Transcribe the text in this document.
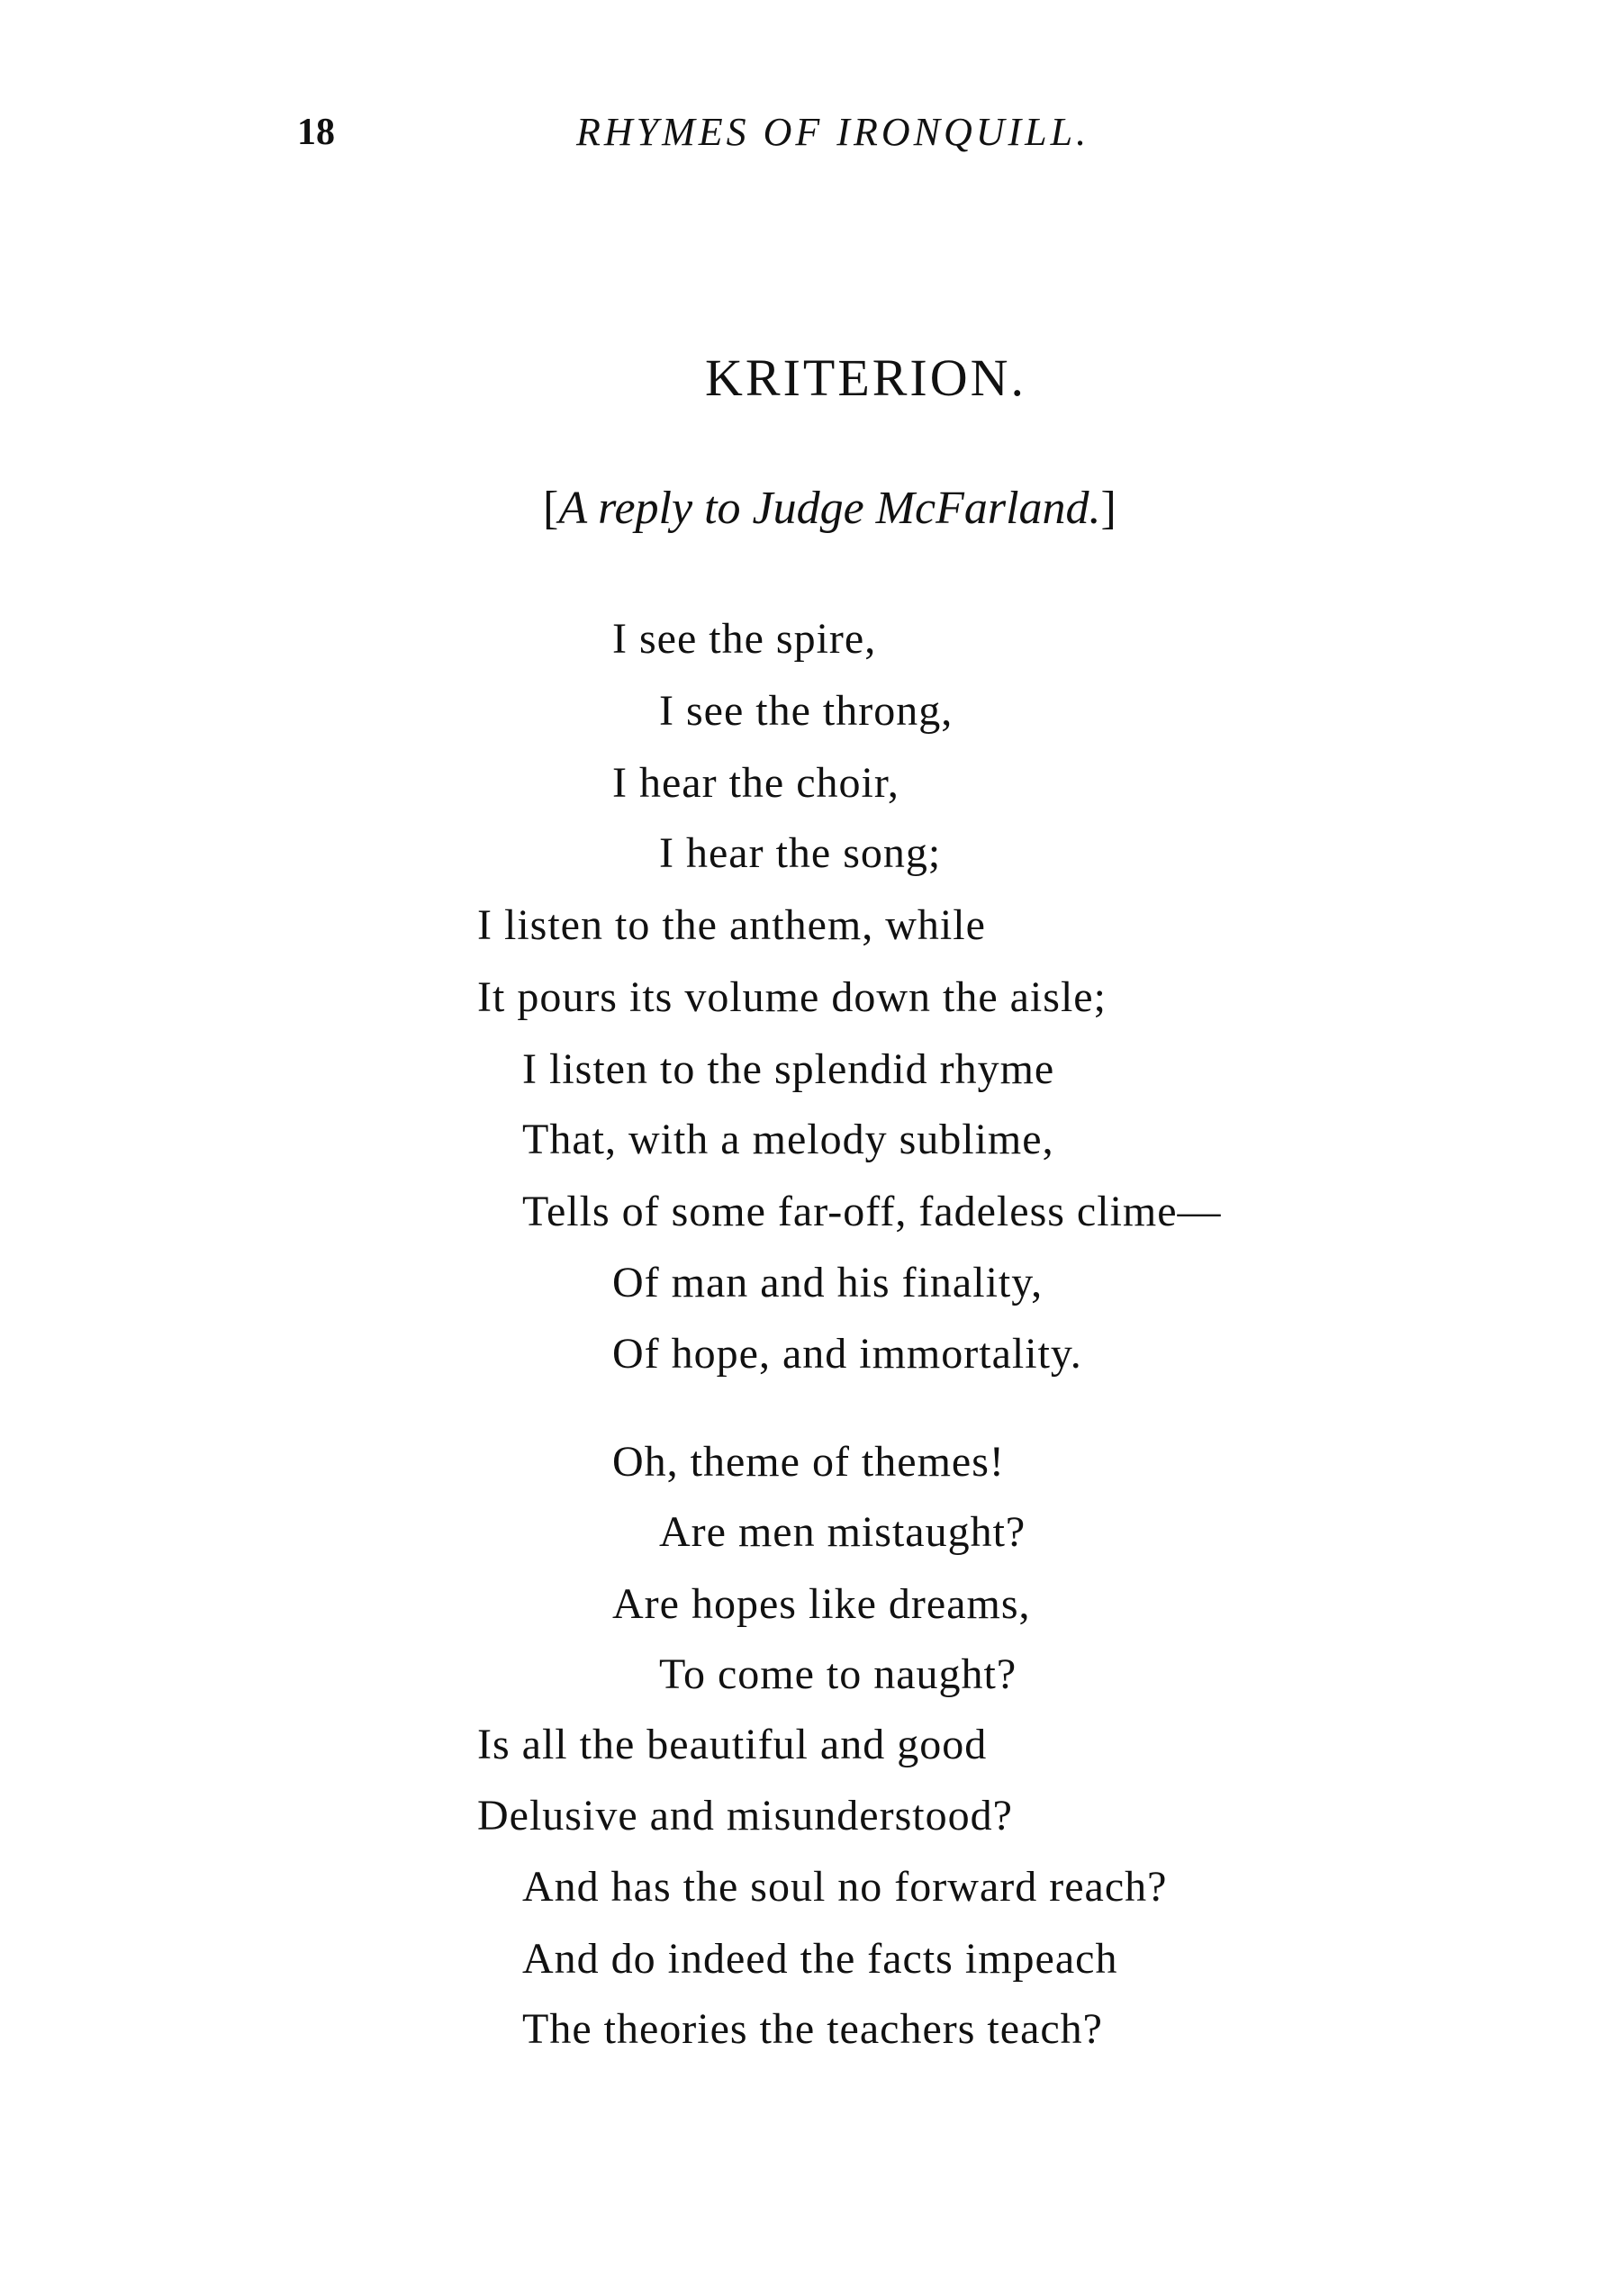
18	RHYMES OF IRONQUILL.
KRITERION.
[A reply to Judge McFarland.]
I see the spire,
I see the throng,
I hear the choir,
I hear the song;
I listen to the anthem, while
It pours its volume down the aisle;
I listen to the splendid rhyme
That, with a melody sublime,
Tells of some far-off, fadeless clime—
Of man and his finality,
Of hope, and immortality.
Oh, theme of themes!
Are men mistaught?
Are hopes like dreams,
To come to naught?
Is all the beautiful and good
Delusive and misunderstood?
And has the soul no forward reach?
And do indeed the facts impeach
The theories the teachers teach?
